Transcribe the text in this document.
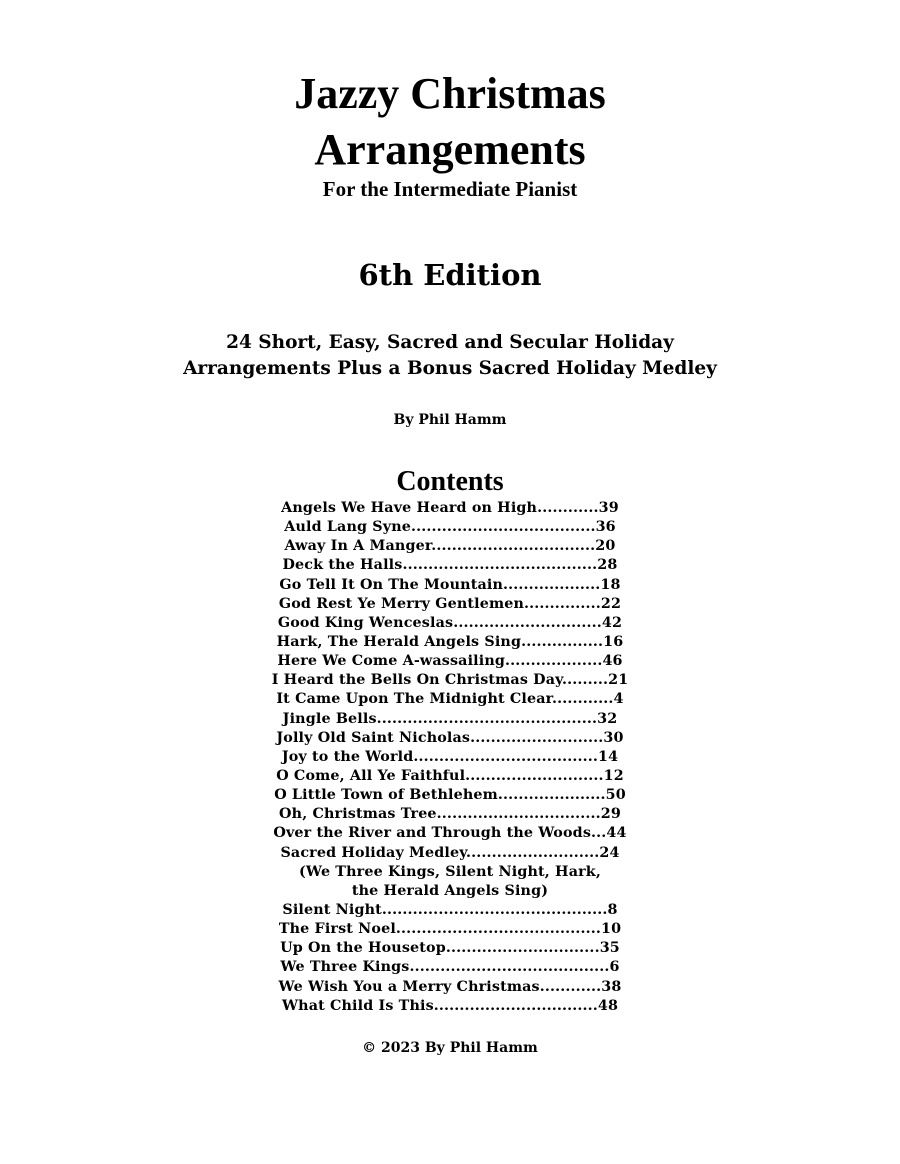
Jazzy Christmas
Arrangements

For the Intermediate Pianist

6th Edition

24 Short, Easy, Sacred and Secular Holiday

Arrangements Plus a Bonus Sacred Holiday Medley

By Phil Hamm

Contents
Angels We Have Heard on High............39
Auld Lang Syne....................................36
Away In A Manger................................20
Deck the Halls......................................28
Go Tell It On The Mountain...................18
God Rest Ye Merry Gentlemen...............22
Good King Wenceslas.............................42
Hark, The Herald Angels Sing................16
Here We Come A-wassailing...................46
I Heard the Bells On Christmas Day.........21
It Came Upon The Midnight Clear............4
Jingle Bells...........................................32
Jolly Old Saint Nicholas..........................30
Joy to the World....................................14
O Come, All Ye Faithful...........................12
O Little Town of Bethlehem.....................50
Oh, Christmas Tree................................29
Over the River and Through the Woods...44
Sacred Holiday Medley..........................24
(We Three Kings, Silent Night, Hark,
the Herald Angels Sing)
Silent Night............................................8
The First Noel........................................10
Up On the Housetop..............................35
We Three Kings.......................................6
We Wish You a Merry Christmas............38
What Child Is This................................48

© 2023 By Phil Hamm
